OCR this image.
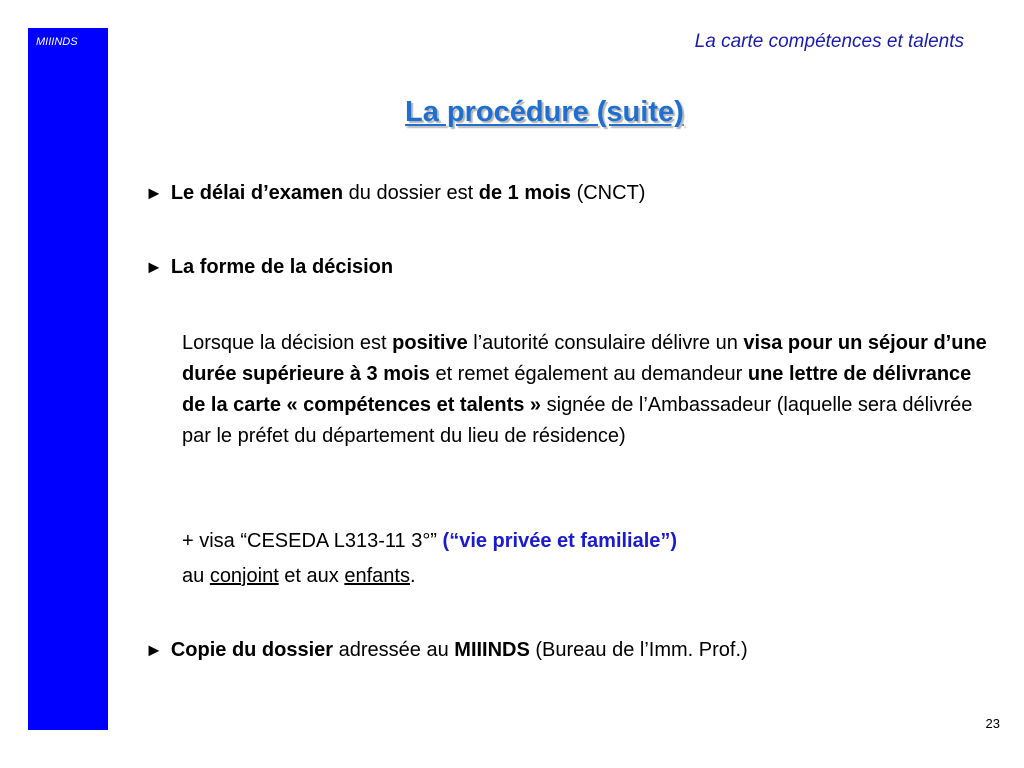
MIIINDS	La carte compétences et talents
La procédure (suite)
► Le délai d’examen du dossier est de 1 mois (CNCT)
► La forme de la décision
Lorsque la décision est positive l’autorité consulaire délivre un visa pour un séjour d’une durée supérieure à 3 mois et remet également au demandeur une lettre de délivrance de la carte « compétences et talents » signée de l’Ambassadeur (laquelle sera délivrée par le préfet du département du lieu de résidence)
+ visa “CESEDA L313-11 3°” (“vie privée et familiale”)
au conjoint et aux enfants.
► Copie du dossier adressée au MIIINDS (Bureau de l’Imm. Prof.)
23
